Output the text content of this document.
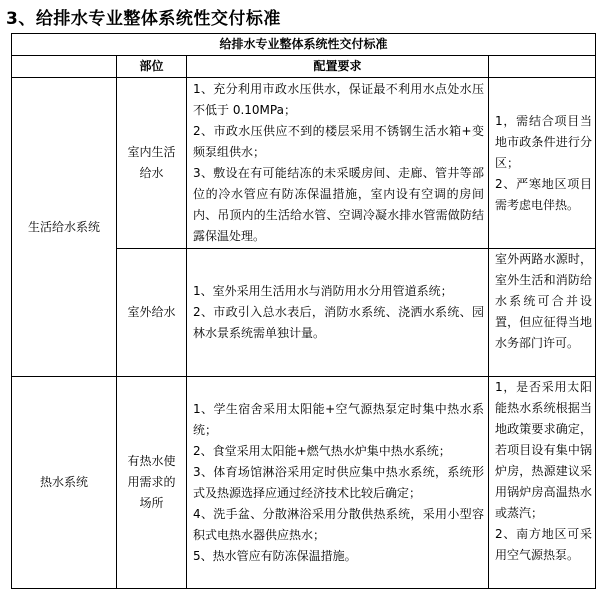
3、给排水专业整体系统性交付标准
给排水专业整体系统性交付标准			
	部位	配置要求	
生活给水系统	室内生活给水	1、充分利用市政水压供水，保证最不利用水点处水压不低于 0.10MPa；
2、市政水压供应不到的楼层采用不锈钢生活水箱+变频泵组供水；
3、敷设在有可能结冻的未采暖房间、走廊、管井等部位的冷水管应有防冻保温措施，室内设有空调的房间内、吊顶内的生活给水管、空调冷凝水排水管需做防结露保温处理。	1，需结合项目当地市政条件进行分区；
2、严寒地区项目需考虑电伴热。

	室外给水	1、室外采用生活用水与消防用水分用管道系统；
2、市政引入总水表后，消防水系统、浇洒水系统、园林水景系统需单独计量。	室外两路水源时，室外生活和消防给水系统可合并设置，但应征得当地水务部门许可。

热水系统	有热水使用需求的场所	1、学生宿舍采用太阳能+空气源热泵定时集中热水系统；
2、食堂采用太阳能+燃气热水炉集中热水系统；
3、体育场馆淋浴采用定时供应集中热水系统，系统形式及热源选择应通过经济技术比较后确定；
4、洗手盆、分散淋浴采用分散供热系统，采用小型容积式电热水器供应热水；
5、热水管应有防冻保温措施。	1，是否采用太阳能热水系统根据当地政策要求确定，若项目设有集中锅炉房，热源建议采用锅炉房高温热水或蒸汽；
2、南方地区可采用空气源热泵。
